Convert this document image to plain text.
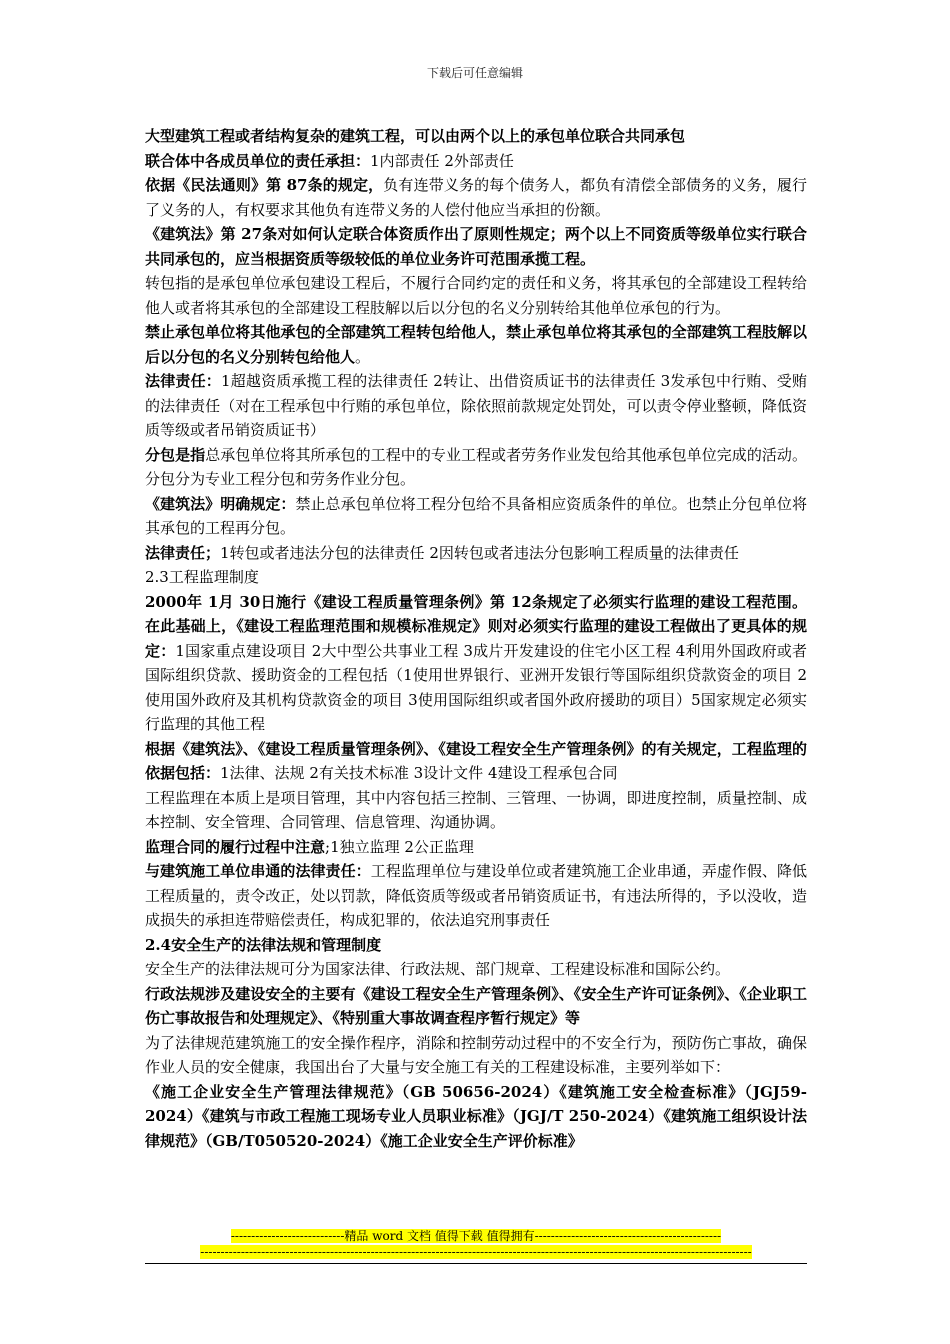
下载后可任意编辑

大型建筑工程或者结构复杂的建筑工程，可以由两个以上的承包单位联合共同承包

联合体中各成员单位的责任承担：1内部责任 2外部责任

依据《民法通则》第 87条的规定，负有连带义务的每个债务人，都负有清偿全部债务的义务，履行了义务的人，有权要求其他负有连带义务的人偿付他应当承担的份额。

《建筑法》第 27条对如何认定联合体资质作出了原则性规定；两个以上不同资质等级单位实行联合共同承包的，应当根据资质等级较低的单位业务许可范围承揽工程。

转包指的是承包单位承包建设工程后，不履行合同约定的责任和义务，将其承包的全部建设工程转给他人或者将其承包的全部建设工程肢解以后以分包的名义分别转给其他单位承包的行为。

禁止承包单位将其他承包的全部建筑工程转包给他人，禁止承包单位将其承包的全部建筑工程肢解以后以分包的名义分别转包给他人。

法律责任：1超越资质承揽工程的法律责任 2转让、出借资质证书的法律责任 3发承包中行贿、受贿的法律责任（对在工程承包中行贿的承包单位，除依照前款规定处罚处，可以责令停业整顿，降低资质等级或者吊销资质证书）

分包是指总承包单位将其所承包的工程中的专业工程或者劳务作业发包给其他承包单位完成的活动。分包分为专业工程分包和劳务作业分包。

《建筑法》明确规定：禁止总承包单位将工程分包给不具备相应资质条件的单位。也禁止分包单位将其承包的工程再分包。

法律责任；1转包或者违法分包的法律责任 2因转包或者违法分包影响工程质量的法律责任

2.3工程监理制度

2000年 1月 30日施行《建设工程质量管理条例》第 12条规定了必须实行监理的建设工程范围。在此基础上，《建设工程监理范围和规模标准规定》则对必须实行监理的建设工程做出了更具体的规定：1国家重点建设项目 2大中型公共事业工程 3成片开发建设的住宅小区工程 4利用外国政府或者国际组织贷款、援助资金的工程包括（1使用世界银行、亚洲开发银行等国际组织贷款资金的项目 2使用国外政府及其机构贷款资金的项目 3使用国际组织或者国外政府援助的项目）5国家规定必须实行监理的其他工程

根据《建筑法》、《建设工程质量管理条例》、《建设工程安全生产管理条例》的有关规定，工程监理的依据包括：1法律、法规 2有关技术标准 3设计文件 4建设工程承包合同

工程监理在本质上是项目管理，其中内容包括三控制、三管理、一协调，即进度控制，质量控制、成本控制、安全管理、合同管理、信息管理、沟通协调。

监理合同的履行过程中注意;1独立监理 2公正监理

与建筑施工单位串通的法律责任：工程监理单位与建设单位或者建筑施工企业串通，弄虚作假、降低工程质量的，责令改正，处以罚款，降低资质等级或者吊销资质证书，有违法所得的，予以没收，造成损失的承担连带赔偿责任，构成犯罪的，依法追究刑事责任

2.4安全生产的法律法规和管理制度

安全生产的法律法规可分为国家法律、行政法规、部门规章、工程建设标准和国际公约。

行政法规涉及建设安全的主要有《建设工程安全生产管理条例》、《安全生产许可证条例》、《企业职工伤亡事故报告和处理规定》、《特别重大事故调查程序暂行规定》等

为了法律规范建筑施工的安全操作程序，消除和控制劳动过程中的不安全行为，预防伤亡事故，确保作业人员的安全健康，我国出台了大量与安全施工有关的工程建设标准，主要列举如下：

《施工企业安全生产管理法律规范》（GB 50656-2024）《建筑施工安全检查标准》（JGJ59-2024）《建筑与市政工程施工现场专业人员职业标准》（JGJ/T 250-2024）《建筑施工组织设计法律规范》（GB/T050520-2024）《施工企业安全生产评价标准》

----------------------------精品 word 文档 值得下载 值得拥有----------------------------------------------
----------------------------------------------------------------------------------------------------------------------------------------
